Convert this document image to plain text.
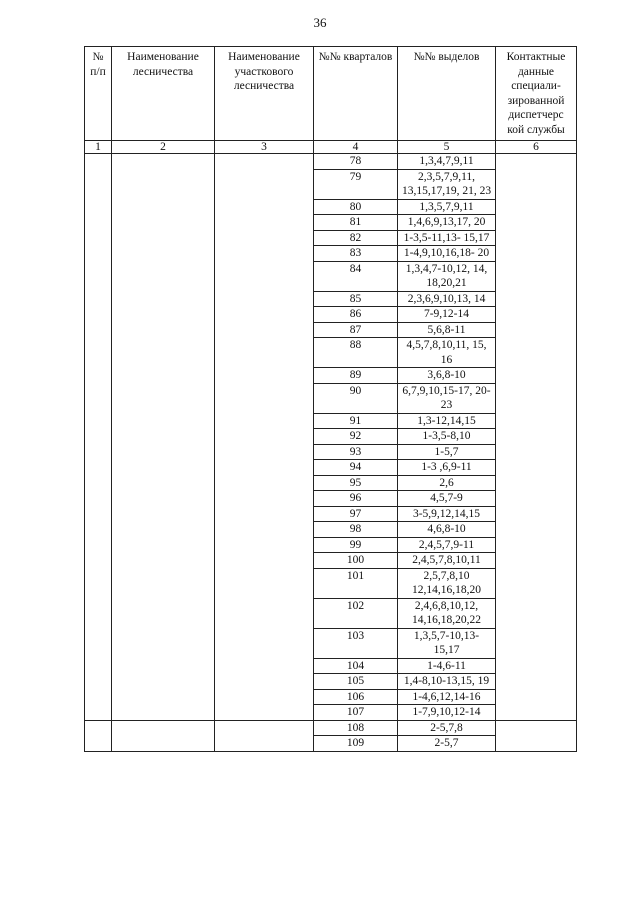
36
№
п/п	Наименование лесничества	Наименование участкового лесничества	№№ кварталов	№№ выделов	Контактные данные специали-зированной диспетчерс кой службы
1	2	3	4	5	6
			78	1,3,4,7,9,11	
			79	2,3,5,7,9,11, 13,15,17,19, 21, 23	
			80	1,3,5,7,9,11	
			81	1,4,6,9,13,17, 20	
			82	1-3,5-11,13- 15,17	
			83	1-4,9,10,16,18- 20	
			84	1,3,4,7-10,12, 14, 18,20,21	
			85	2,3,6,9,10,13, 14	
			86	7-9,12-14	
			87	5,6,8-11	
			88	4,5,7,8,10,11, 15, 16	
			89	3,6,8-10	
			90	6,7,9,10,15-17, 20-23	
			91	1,3-12,14,15	
			92	1-3,5-8,10	
			93	1-5,7	
			94	1-3 ,6,9-11	
			95	2,6	
			96	4,5,7-9	
			97	3-5,9,12,14,15	
			98	4,6,8-10	
			99	2,4,5,7,9-11	
			100	2,4,5,7,8,10,11	
			101	2,5,7,8,10 12,14,16,18,20	
			102	2,4,6,8,10,12, 14,16,18,20,22	
			103	1,3,5,7-10,13- 15,17	
			104	1-4,6-11	
			105	1,4-8,10-13,15, 19	
			106	1-4,6,12,14-16	
			107	1-7,9,10,12-14	
			108	2-5,7,8	
			109	2-5,7	
